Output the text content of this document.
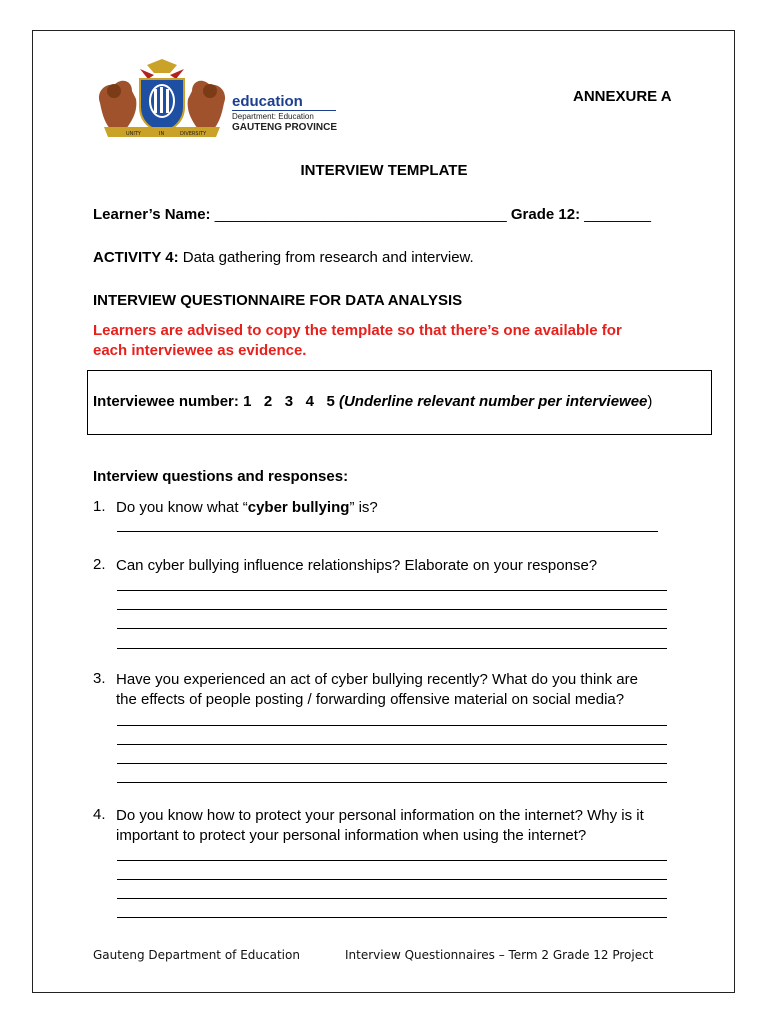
UNITY	IN	DIVERSITY
education
Department: Education
GAUTENG PROVINCE
ANNEXURE A
INTERVIEW TEMPLATE
Learner’s Name: ___________________________________ Grade 12: ________
ACTIVITY 4: Data gathering from research and interview.
INTERVIEW QUESTIONNAIRE FOR DATA ANALYSIS
Learners are advised to copy the template so that there’s one available for
each interviewee as evidence.
Interviewee number: 1   2   3   4   5 (Underline relevant number per interviewee)
Interview questions and responses:
1. Do you know what “cyber bullying” is?
2. Can cyber bullying influence relationships? Elaborate on your response?
3. Have you experienced an act of cyber bullying recently? What do you think are
the effects of people posting / forwarding offensive material on social media?
4. Do you know how to protect your personal information on the internet? Why is it
important to protect your personal information when using the internet?
Gauteng Department of Education	Interview Questionnaires – Term 2 Grade 12 Project
